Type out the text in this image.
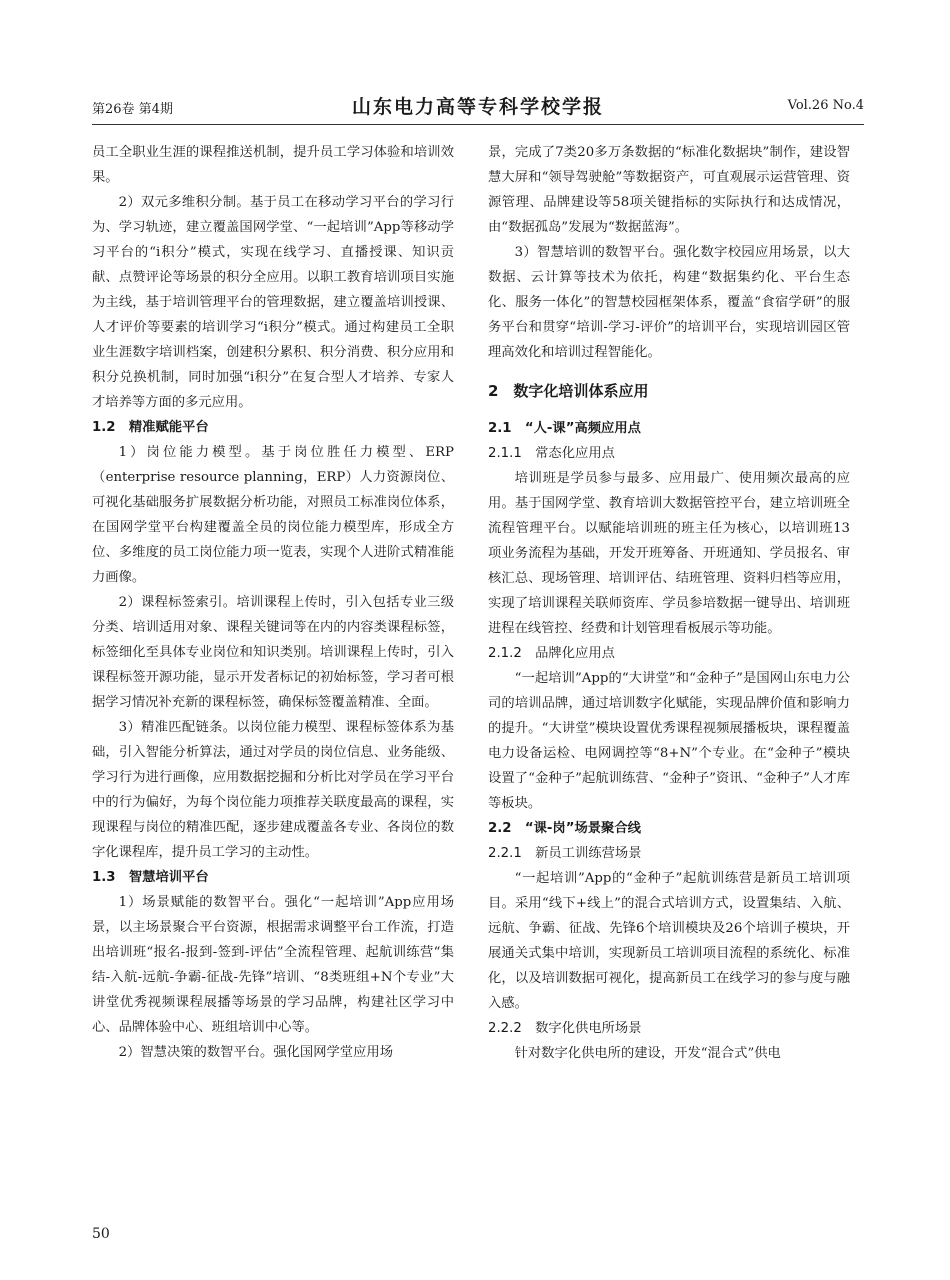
第26卷 第4期	山东电力高等专科学校学报	Vol.26 No.4

员工全职业生涯的课程推送机制，提升员工学习体验和培训效果。

2）双元多维积分制。基于员工在移动学习平台的学习行为、学习轨迹，建立覆盖国网学堂、“一起培训”App等移动学习平台的“i积分”模式，实现在线学习、直播授课、知识贡献、点赞评论等场景的积分全应用。以职工教育培训项目实施为主线，基于培训管理平台的管理数据，建立覆盖培训授课、人才评价等要素的培训学习“i积分”模式。通过构建员工全职业生涯数字培训档案，创建积分累积、积分消费、积分应用和积分兑换机制，同时加强“i积分”在复合型人才培养、专家人才培养等方面的多元应用。

1.2　精准赋能平台

1）岗位能力模型。基于岗位胜任力模型、ERP（enterprise resource planning，ERP）人力资源岗位、可视化基础服务扩展数据分析功能，对照员工标准岗位体系，在国网学堂平台构建覆盖全员的岗位能力模型库，形成全方位、多维度的员工岗位能力项一览表，实现个人进阶式精准能力画像。

2）课程标签索引。培训课程上传时，引入包括专业三级分类、培训适用对象、课程关键词等在内的内容类课程标签，标签细化至具体专业岗位和知识类别。培训课程上传时，引入课程标签开源功能，显示开发者标记的初始标签，学习者可根据学习情况补充新的课程标签，确保标签覆盖精准、全面。

3）精准匹配链条。以岗位能力模型、课程标签体系为基础，引入智能分析算法，通过对学员的岗位信息、业务能级、学习行为进行画像，应用数据挖掘和分析比对学员在学习平台中的行为偏好，为每个岗位能力项推荐关联度最高的课程，实现课程与岗位的精准匹配，逐步建成覆盖各专业、各岗位的数字化课程库，提升员工学习的主动性。

1.3　智慧培训平台

1）场景赋能的数智平台。强化“一起培训”App应用场景，以主场景聚合平台资源，根据需求调整平台工作流，打造出培训班“报名-报到-签到-评估”全流程管理、起航训练营“集结-入航-远航-争霸-征战-先锋”培训、“8类班组+N个专业”大讲堂优秀视频课程展播等场景的学习品牌，构建社区学习中心、品牌体验中心、班组培训中心等。

2）智慧决策的数智平台。强化国网学堂应用场

景，完成了7类20多万条数据的“标准化数据块”制作，建设智慧大屏和“领导驾驶舱”等数据资产，可直观展示运营管理、资源管理、品牌建设等58项关键指标的实际执行和达成情况，由“数据孤岛”发展为“数据蓝海”。

3）智慧培训的数智平台。强化数字校园应用场景，以大数据、云计算等技术为依托，构建“数据集约化、平台生态化、服务一体化”的智慧校园框架体系，覆盖“食宿学研”的服务平台和贯穿“培训-学习-评价”的培训平台，实现培训园区管理高效化和培训过程智能化。

2　数字化培训体系应用
2.1　“人-课”高频应用点
2.1.1　常态化应用点

培训班是学员参与最多、应用最广、使用频次最高的应用。基于国网学堂、教育培训大数据管控平台，建立培训班全流程管理平台。以赋能培训班的班主任为核心，以培训班13项业务流程为基础，开发开班筹备、开班通知、学员报名、审核汇总、现场管理、培训评估、结班管理、资料归档等应用，实现了培训课程关联师资库、学员参培数据一键导出、培训班进程在线管控、经费和计划管理看板展示等功能。

2.1.2　品牌化应用点

“一起培训”App的“大讲堂”和“金种子”是国网山东电力公司的培训品牌，通过培训数字化赋能，实现品牌价值和影响力的提升。“大讲堂”模块设置优秀课程视频展播板块，课程覆盖电力设备运检、电网调控等“8+N”个专业。在“金种子”模块设置了“金种子”起航训练营、“金种子”资讯、“金种子”人才库等板块。

2.2　“课-岗”场景聚合线
2.2.1　新员工训练营场景

“一起培训”App的“金种子”起航训练营是新员工培训项目。采用“线下+线上”的混合式培训方式，设置集结、入航、远航、争霸、征战、先锋6个培训模块及26个培训子模块，开展通关式集中培训，实现新员工培训项目流程的系统化、标准化，以及培训数据可视化，提高新员工在线学习的参与度与融入感。

2.2.2　数字化供电所场景

针对数字化供电所的建设，开发“混合式”供电

50
